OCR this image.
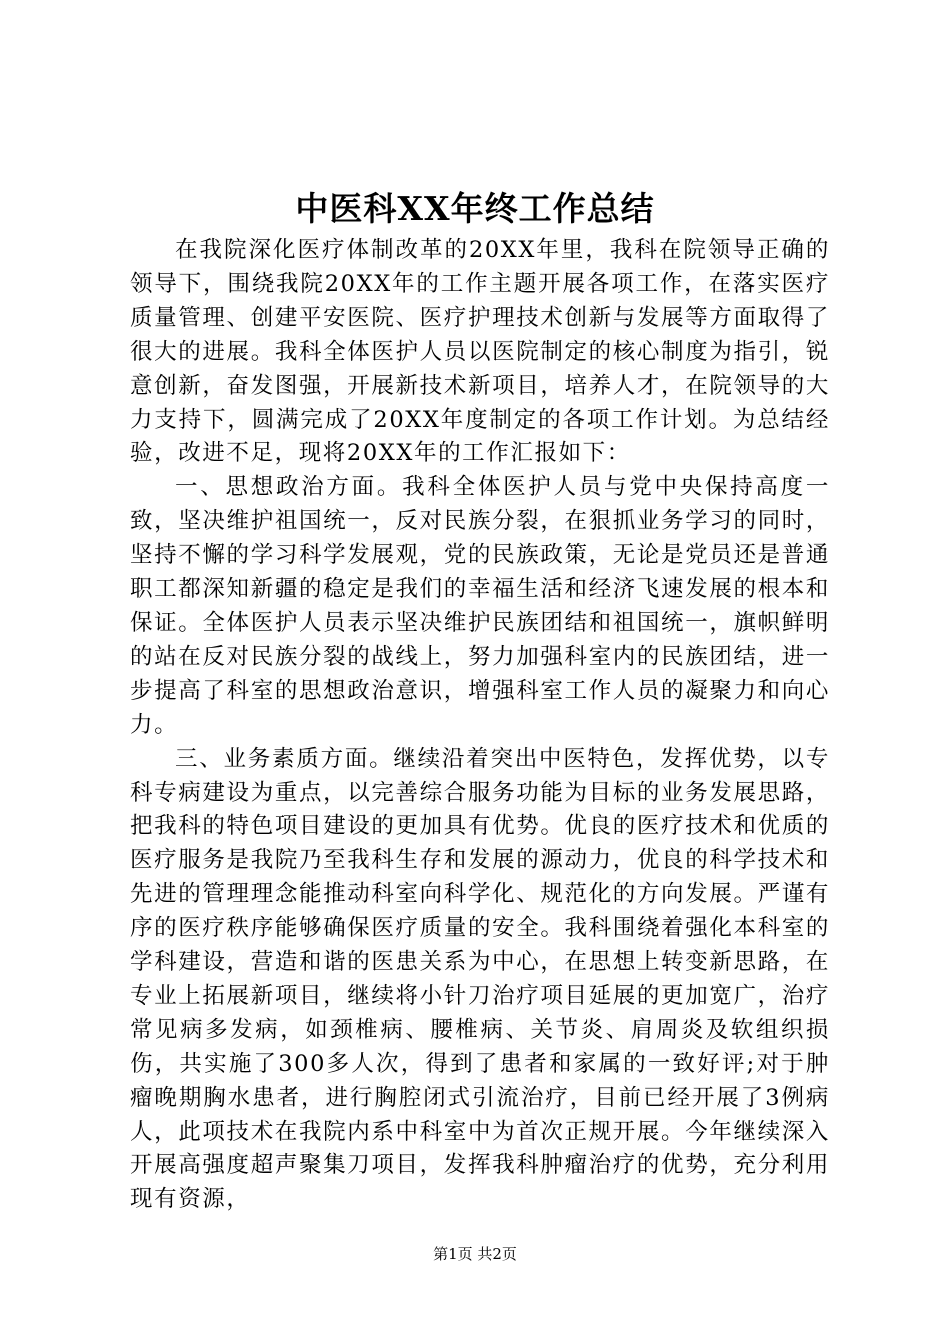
中医科XX年终工作总结

在我院深化医疗体制改革的20XX年里，我科在院领导正确的领导下，围绕我院20XX年的工作主题开展各项工作，在落实医疗质量管理、创建平安医院、医疗护理技术创新与发展等方面取得了很大的进展。我科全体医护人员以医院制定的核心制度为指引，锐意创新，奋发图强，开展新技术新项目，培养人才，在院领导的大力支持下，圆满完成了20XX年度制定的各项工作计划。为总结经验，改进不足，现将20XX年的工作汇报如下：

一、思想政治方面。我科全体医护人员与党中央保持高度一致，坚决维护祖国统一，反对民族分裂，在狠抓业务学习的同时，坚持不懈的学习科学发展观，党的民族政策，无论是党员还是普通职工都深知新疆的稳定是我们的幸福生活和经济飞速发展的根本和保证。全体医护人员表示坚决维护民族团结和祖国统一，旗帜鲜明的站在反对民族分裂的战线上，努力加强科室内的民族团结，进一步提高了科室的思想政治意识，增强科室工作人员的凝聚力和向心力。

三、业务素质方面。继续沿着突出中医特色，发挥优势，以专科专病建设为重点，以完善综合服务功能为目标的业务发展思路，把我科的特色项目建设的更加具有优势。优良的医疗技术和优质的医疗服务是我院乃至我科生存和发展的源动力，优良的科学技术和先进的管理理念能推动科室向科学化、规范化的方向发展。严谨有序的医疗秩序能够确保医疗质量的安全。我科围绕着强化本科室的学科建设，营造和谐的医患关系为中心，在思想上转变新思路，在专业上拓展新项目，继续将小针刀治疗项目延展的更加宽广，治疗常见病多发病，如颈椎病、腰椎病、关节炎、肩周炎及软组织损伤，共实施了300多人次，得到了患者和家属的一致好评;对于肿瘤晚期胸水患者，进行胸腔闭式引流治疗，目前已经开展了3例病人，此项技术在我院内系中科室中为首次正规开展。今年继续深入开展高强度超声聚集刀项目，发挥我科肿瘤治疗的优势，充分利用现有资源，

第1页 共2页
